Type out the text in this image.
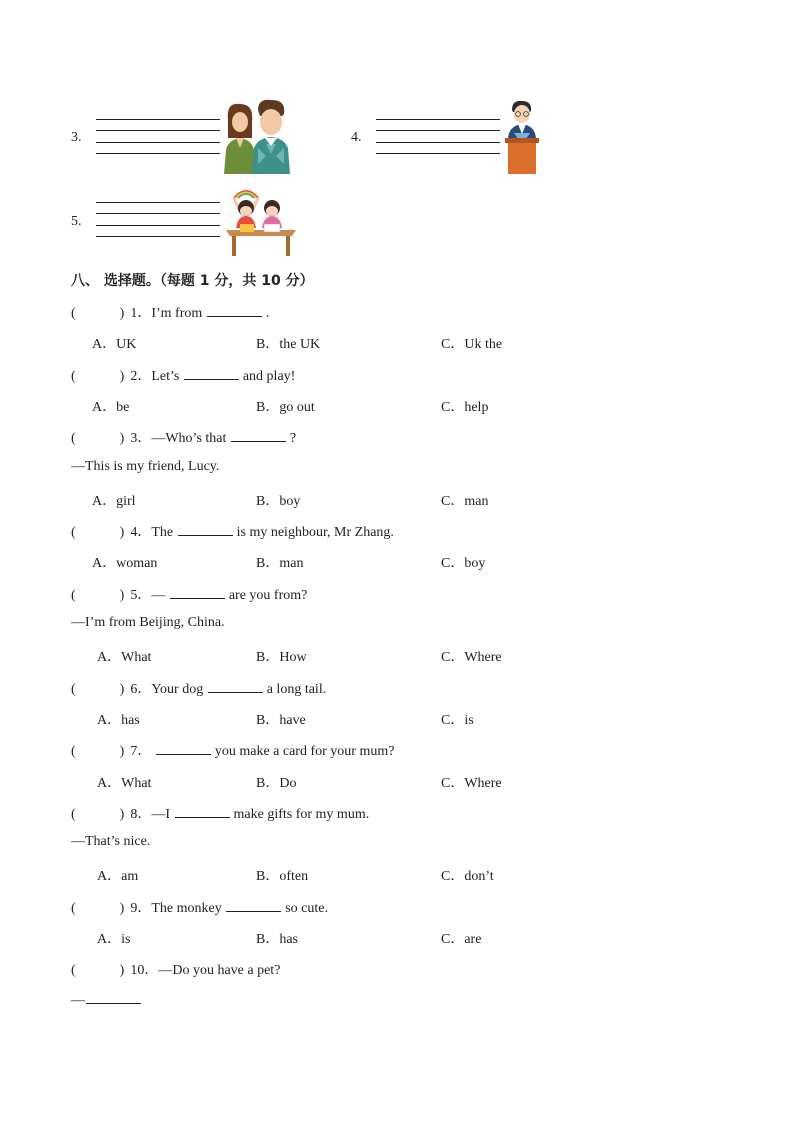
3.	4.
5.
八、 选择题。（每题 1 分，共 10 分）
(	) 1．I’m from	.
A．UK	B．the UK	C．Uk the
(	) 2．Let’s	and play!
A．be	B．go out	C．help
(	) 3．—Who’s that	?
—This is my friend, Lucy.
A．girl	B．boy	C．man
(	) 4．The	is my neighbour, Mr Zhang.
A．woman	B．man	C．boy
(	) 5．—	are you from?
—I’m from Beijing, China.
A．What	B．How	C．Where
(	) 6．Your dog	a long tail.
A．has	B．have	C．is
(	) 7．	you make a card for your mum?
A．What	B．Do	C．Where
(	) 8．—I	make gifts for my mum.
—That’s nice.
A．am	B．often	C．don’t
(	) 9．The monkey	so cute.
A．is	B．has	C．are
(	) 10．—Do you have a pet?
—
